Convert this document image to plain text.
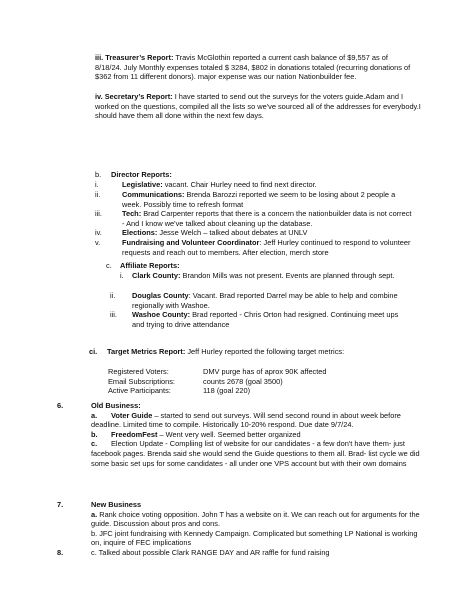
iii. Treasurer’s Report: Travis McGlothin reported a current cash balance of $9,557 as of 8/18/24. July Monthly expenses totaled $ 3284, $802 in donations totaled (recurring donations of $362 from 11 different donors). major expense was our nation Nationbuilder fee.

iv. Secretary’s Report: I have started to send out the surveys for the voters guide.Adam and I worked on the questions, compiled all the lists so we've sourced all of the addresses for everybody.I should have them all done within the next few days.

b. Director Reports:
i.	Legislative: vacant. Chair Hurley need to find next director.

ii.	Communications: Brenda Barozzi reported we seem to be losing about 2 people a week. Possibly time to refresh format

iii.	Tech: Brad Carpenter reports that there is a concern the nationbuilder data is not correct - And I know we've talked about cleaning up the database.

iv.	Elections: Jesse Welch – talked about debates at UNLV

v.	Fundraising and Volunteer Coordinator: Jeff Hurley continued to respond to volunteer requests and reach out to members. After election, merch store

c. Affiliate Reports:
i. Clark County: Brandon Mills was not present. Events are planned through sept.

ii. Douglas County: Vacant. Brad reported Darrel may be able to help and combine regionally with Washoe.

iii. Washoe County: Brad reported - Chris Orton had resigned. Continuing meet ups and trying to drive attendance

ci. Target Metrics Report: Jeff Hurley reported the following target metrics:
Registered Voters:	DMV purge has of aprox 90K affected
Email Subscriptions:	counts 2678 (goal 3500)
Active Participants:	118 (goal 220)
6.	Old Business:

a. Voter Guide – started to send out surveys. Will send second round in about week before deadline. Limited time to compile. Historically 10-20% respond. Due date 9/7/24.

b. FreedomFest – Went very well. Seemed better organized

c. Election Update - Compliing list of website for our candidates - a few don't have them- just facebook pages. Brenda said she would send the Guide questions to them all. Brad- list cycle we did some basic set ups for some candidates - all under one VPS account but with their own domains

7.	New Business

a. Rank choice voting opposition. John T has a website on it. We can reach out for arguments for the guide. Discussion about pros and cons.

b. JFC joint fundraising with Kennedy Campaign. Complicated but something LP National is working on, inquire of FEC implications

8.	c. Talked about possible Clark RANGE DAY and AR raffle for fund raising
